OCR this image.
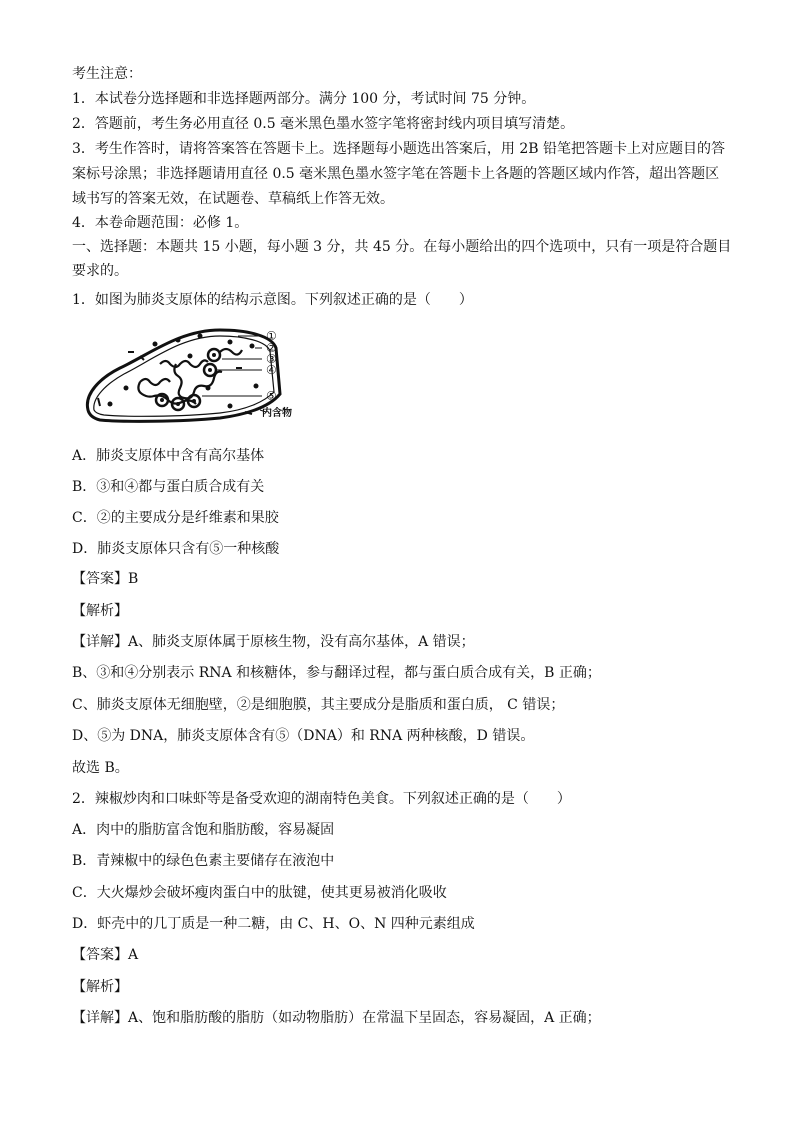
考生注意：
1．本试卷分选择题和非选择题两部分。满分 100 分，考试时间 75 分钟。
2．答题前，考生务必用直径 0.5 毫米黑色墨水签字笔将密封线内项目填写清楚。
3．考生作答时，请将答案答在答题卡上。选择题每小题选出答案后，用 2B 铅笔把答题卡上对应题目的答
案标号涂黑；非选择题请用直径 0.5 毫米黑色墨水签字笔在答题卡上各题的答题区域内作答，超出答题区
域书写的答案无效，在试题卷、草稿纸上作答无效。
4．本卷命题范围：必修 1。
一、选择题：本题共 15 小题，每小题 3 分，共 45 分。在每小题给出的四个选项中，只有一项是符合题目
要求的。
1．如图为肺炎支原体的结构示意图。下列叙述正确的是（　　）
①
②
③
④
⑤
内含物
A．肺炎支原体中含有高尔基体
B．③和④都与蛋白质合成有关
C．②的主要成分是纤维素和果胶
D．肺炎支原体只含有⑤一种核酸
【答案】B
【解析】
【详解】A、肺炎支原体属于原核生物，没有高尔基体，A 错误；
B、③和④分别表示 RNA 和核糖体，参与翻译过程，都与蛋白质合成有关，B 正确；
C、肺炎支原体无细胞壁，②是细胞膜，其主要成分是脂质和蛋白质， C 错误；
D、⑤为 DNA，肺炎支原体含有⑤（DNA）和 RNA 两种核酸，D 错误。
故选 B。
2．辣椒炒肉和口味虾等是备受欢迎的湖南特色美食。下列叙述正确的是（　　）
A．肉中的脂肪富含饱和脂肪酸，容易凝固
B．青辣椒中的绿色色素主要储存在液泡中
C．大火爆炒会破坏瘦肉蛋白中的肽键，使其更易被消化吸收
D．虾壳中的几丁质是一种二糖，由 C、H、O、N 四种元素组成
【答案】A
【解析】
【详解】A、饱和脂肪酸的脂肪（如动物脂肪）在常温下呈固态，容易凝固，A 正确；
